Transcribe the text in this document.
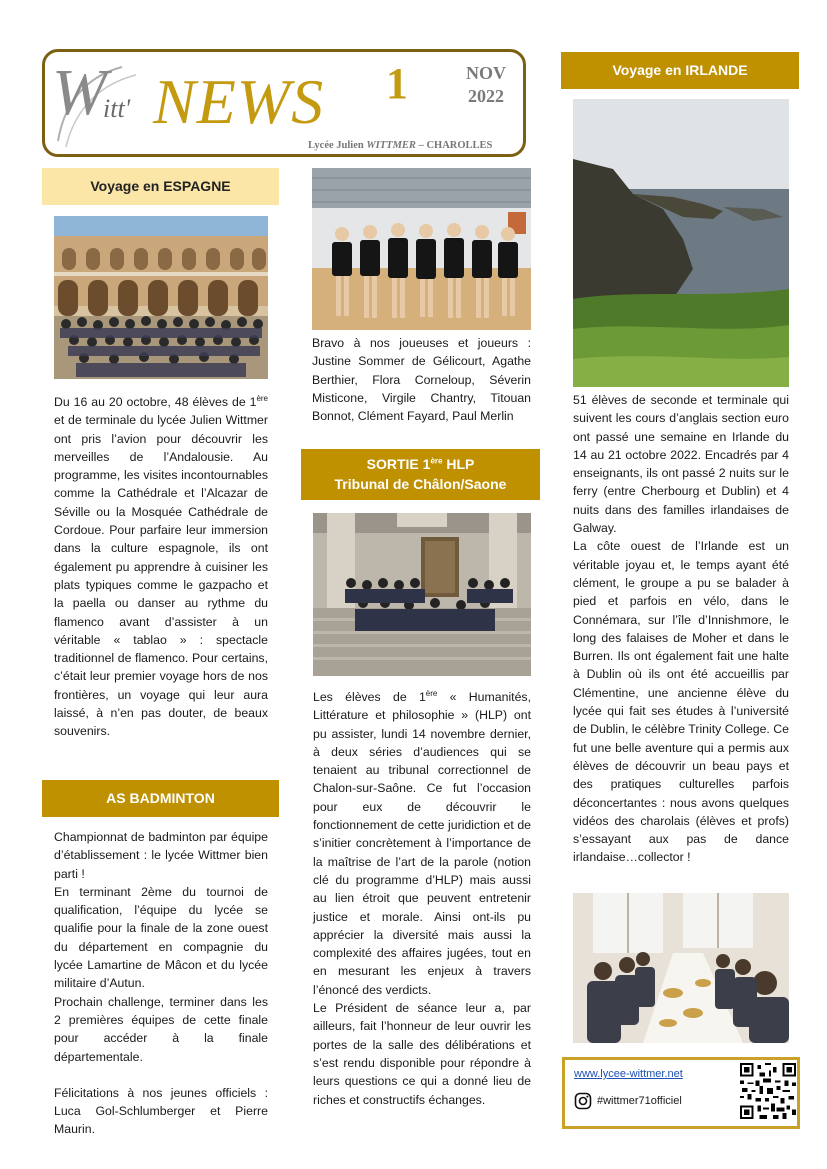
W
itt' NEWS 1	NOV
2022
Lycée Julien WITTMER – CHAROLLES
Voyage en ESPAGNE

Du 16 au 20 octobre, 48 élèves de 1ère et de terminale du lycée Julien Wittmer ont pris l’avion pour découvrir les merveilles de l’Andalousie. Au programme, les visites incontournables comme la Cathédrale et l’Alcazar de Séville ou la Mosquée Cathédrale de Cordoue. Pour parfaire leur immersion dans la culture espagnole, ils ont également pu apprendre à cuisiner les plats typiques comme le gazpacho et la paella ou danser au rythme du flamenco avant d’assister à un véritable « tablao » : spectacle traditionnel de flamenco. Pour certains, c’était leur premier voyage hors de nos frontières, un voyage qui leur aura laissé, à n’en pas douter, de beaux souvenirs.

AS BADMINTON

Championnat de badminton par équipe d’établissement : le lycée Wittmer bien parti !

En terminant 2ème du tournoi de qualification, l’équipe du lycée se qualifie pour la finale de la zone ouest du département en compagnie du lycée Lamartine de Mâcon et du lycée militaire d’Autun.

Prochain challenge, terminer dans les 2 premières équipes de cette finale pour accéder à la finale départementale.

Félicitations à nos jeunes officiels : Luca Gol-Schlumberger et Pierre Maurin.

Bravo à nos joueuses et joueurs : Justine Sommer de Gélicourt, Agathe Berthier, Flora Corneloup, Séverin Misticone, Virgile Chantry, Titouan Bonnot, Clément Fayard, Paul Merlin
SORTIE 1ère HLP
Tribunal de Châlon/Saone

Les élèves de 1ère « Humanités, Littérature et philosophie » (HLP) ont pu assister, lundi 14 novembre dernier, à deux séries d’audiences qui se tenaient au tribunal correctionnel de Chalon-sur-Saône. Ce fut l’occasion pour eux de découvrir le fonctionnement de cette juridiction et de s’initier concrètement à l’importance de la maîtrise de l’art de la parole (notion clé du programme d’HLP) mais aussi au lien étroit que peuvent entretenir justice et morale. Ainsi ont-ils pu apprécier la diversité mais aussi la complexité des affaires jugées, tout en en mesurant les enjeux à travers l’énoncé des verdicts.

Le Président de séance leur a, par ailleurs, fait l’honneur de leur ouvrir les portes de la salle des délibérations et s’est rendu disponible pour répondre à leurs questions ce qui a donné lieu de riches et constructifs échanges.

Voyage en IRLANDE

51 élèves de seconde et terminale qui suivent les cours d’anglais section euro ont passé une semaine en Irlande du 14 au 21 octobre 2022. Encadrés par 4 enseignants, ils ont passé 2 nuits sur le ferry (entre Cherbourg et Dublin) et 4 nuits dans des familles irlandaises de Galway.

La côte ouest de l’Irlande est un véritable joyau et, le temps ayant été clément, le groupe a pu se balader à pied et parfois en vélo, dans le Connémara, sur l’île d’Innishmore, le long des falaises de Moher et dans le Burren. Ils ont également fait une halte à Dublin où ils ont été accueillis par Clémentine, une ancienne élève du lycée qui fait ses études à l’université de Dublin, le célèbre Trinity College. Ce fut une belle aventure qui a permis aux élèves de découvrir un beau pays et des pratiques culturelles parfois déconcertantes : nous avons quelques vidéos des charolais (élèves et profs) s’essayant aux pas de dance irlandaise…collector !

www.lycee-wittmer.net
#wittmer71officiel
